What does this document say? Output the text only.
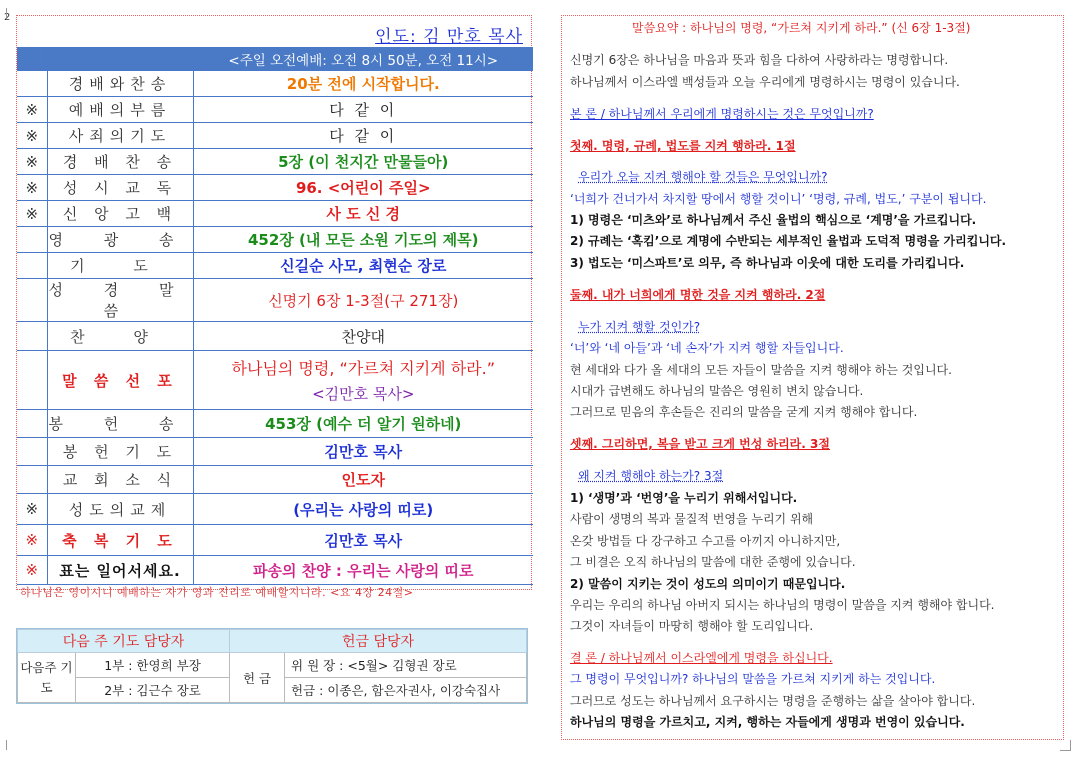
2
인도: 김 만호 목사
		<주일 오전예배: 오전 8시 50분, 오전 11시>
	경배와찬송	20분 전에 시작합니다.
※	예배의부름	다 같 이
※	사죄의기도	다 같 이
※	경 배 찬 송	5장 (이 천지간 만물들아)
※	성 시 교 독	96. <어린이 주일>
※	신 앙 고 백	사 도 신 경
	영 광 송	452장 (내 모든 소원 기도의 제목)
	기 도	신길순 사모, 최현순 장로
	성 경 말 씀	신명기 6장 1-3절(구 271장)
	찬 양	찬양대
	말 씀 선 포	하나님의 명령, “가르쳐 지키게 하라.”
<김만호 목사>

	봉 헌 송	453장 (예수 더 알기 원하네)
	봉 헌 기 도	김만호 목사
	교 회 소 식	인도자
※	성도의교제	(우리는 사랑의 띠로)
※	축 복 기 도	김만호 목사
※	표는 일어서세요.	파송의 찬양 : 우리는 사랑의 띠로
하나님은 영이시니 예배하는 자가 영과 진리로 예배할지니라. <요 4장 24절>
다음 주 기도 담당자		헌금 담당자	
다음주 기 도	1부 : 한영희 부장	헌 금	위 원 장 : <5월> 김형권 장로
	2부 : 김근수 장로		헌금 : 이종은, 함은자권사, 이강숙집사
말씀요약 : 하나님의 명령, “가르쳐 지키게 하라.” (신 6장 1-3절)
신명기 6장은 하나님을 마음과 뜻과 힘을 다하여 사랑하라는 명령합니다.
하나님께서 이스라엘 백성들과 오늘 우리에게 명령하시는 명령이 있습니다.
본 론 / 하나님께서 우리에게 명령하시는 것은 무엇입니까?
첫째. 명령, 규례, 법도를 지켜 행하라. 1절
우리가 오늘 지켜 행해야 할 것들은 무엇입니까?
‘너희가 건너가서 차지할 땅에서 행할 것이니’ ‘명령, 규례, 법도,’ 구분이 됩니다.
1) 명령은 ‘미츠와’로 하나님께서 주신 율법의 핵심으로 ‘계명’을 가르킵니다.
2) 규례는 ‘혹킴’으로 계명에 수반되는 세부적인 율법과 도덕적 명령을 가리킵니다.
3) 법도는 ‘미스파트’로 의무, 즉 하나님과 이웃에 대한 도리를 가리킵니다.
둘째. 내가 너희에게 명한 것을 지켜 행하라. 2절
누가 지켜 행할 것인가?
‘너’와 ‘네 아들’과 ‘네 손자’가 지켜 행할 자들입니다.
현 세대와 다가 올 세대의 모든 자들이 말씀을 지켜 행해야 하는 것입니다.
시대가 급변해도 하나님의 말씀은 영원히 변치 않습니다.
그러므로 믿음의 후손들은 진리의 말씀을 굳게 지켜 행해야 합니다.
셋째. 그리하면, 복을 받고 크게 번성 하리라. 3절
왜 지켜 행해야 하는가? 3절
1) ‘생명’과 ‘번영’을 누리기 위해서입니다.
사람이 생명의 복과 물질적 번영을 누리기 위해
온갖 방법들 다 강구하고 수고를 아끼지 아니하지만,
그 비결은 오직 하나님의 말씀에 대한 준행에 있습니다.
2) 말씀이 지키는 것이 성도의 의미이기 때문입니다.
우리는 우리의 하나님 아버지 되시는 하나님의 명령이 말씀을 지켜 행해야 합니다.
그것이 자녀들이 마땅히 행해야 할 도리입니다.
결 론 / 하나님께서 이스라엘에게 명령을 하십니다.
그 명령이 무엇입니까? 하나님의 말씀을 가르쳐 지키게 하는 것입니다.
그러므로 성도는 하나님께서 요구하시는 명령을 준행하는 삶을 살아야 합니다.
하나님의 명령을 가르치고, 지켜, 행하는 자들에게 생명과 번영이 있습니다.
